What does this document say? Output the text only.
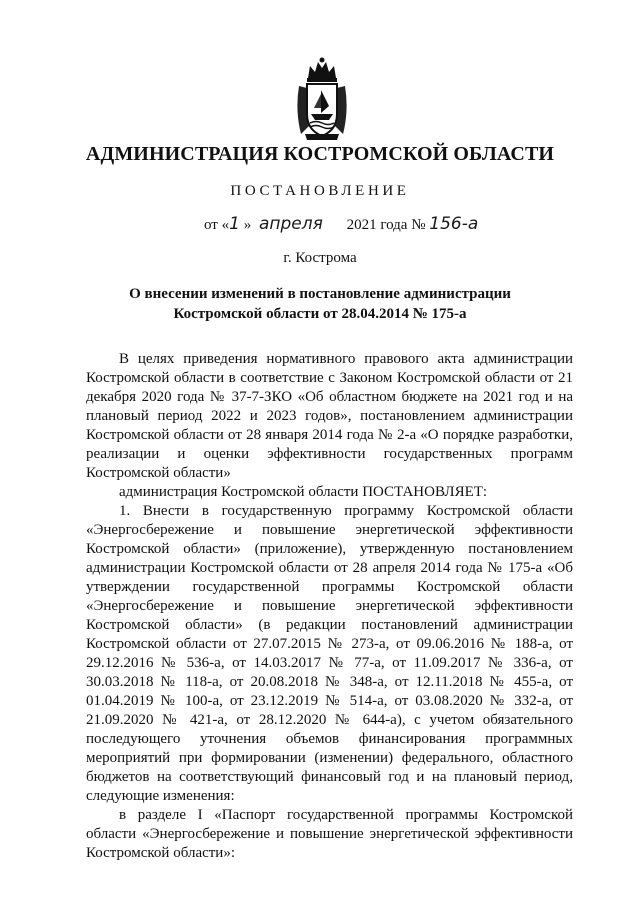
АДМИНИСТРАЦИЯ КОСТРОМСКОЙ ОБЛАСТИ
ПОСТАНОВЛЕНИЕ
от «1 » апреля 2021 года № 156-а
г. Кострома
О внесении изменений в постановление администрации
Костромской области от 28.04.2014 № 175-а

В целях приведения нормативного правового акта администрации Костромской области в соответствие с Законом Костромской области от 21 декабря 2020 года № 37-7-ЗКО «Об областном бюджете на 2021 год и на плановый период 2022 и 2023 годов», постановлением администрации Костромской области от 28 января 2014 года № 2-а «О порядке разработки, реализации и оценки эффективности государственных программ Костромской области»

администрация Костромской области ПОСТАНОВЛЯЕТ:

1. Внести в государственную программу Костромской области «Энергосбережение и повышение энергетической эффективности Костромской области» (приложение), утвержденную постановлением администрации Костромской области от 28 апреля 2014 года № 175-а «Об утверждении государственной программы Костромской области «Энергосбережение и повышение энергетической эффективности Костромской области» (в редакции постановлений администрации Костромской области от 27.07.2015 № 273-а, от 09.06.2016 № 188-а, от 29.12.2016 № 536-а, от 14.03.2017 № 77-а, от 11.09.2017 № 336-а, от 30.03.2018 № 118-а, от 20.08.2018 № 348-а, от 12.11.2018 № 455-а, от 01.04.2019 № 100-а, от 23.12.2019 № 514-а, от 03.08.2020 № 332-а, от 21.09.2020 № 421-а, от 28.12.2020 № 644-а), с учетом обязательного последующего уточнения объемов финансирования программных мероприятий при формировании (изменении) федерального, областного бюджетов на соответствующий финансовый год и на плановый период, следующие изменения:

в разделе I «Паспорт государственной программы Костромской области «Энергосбережение и повышение энергетической эффективности Костромской области»:
